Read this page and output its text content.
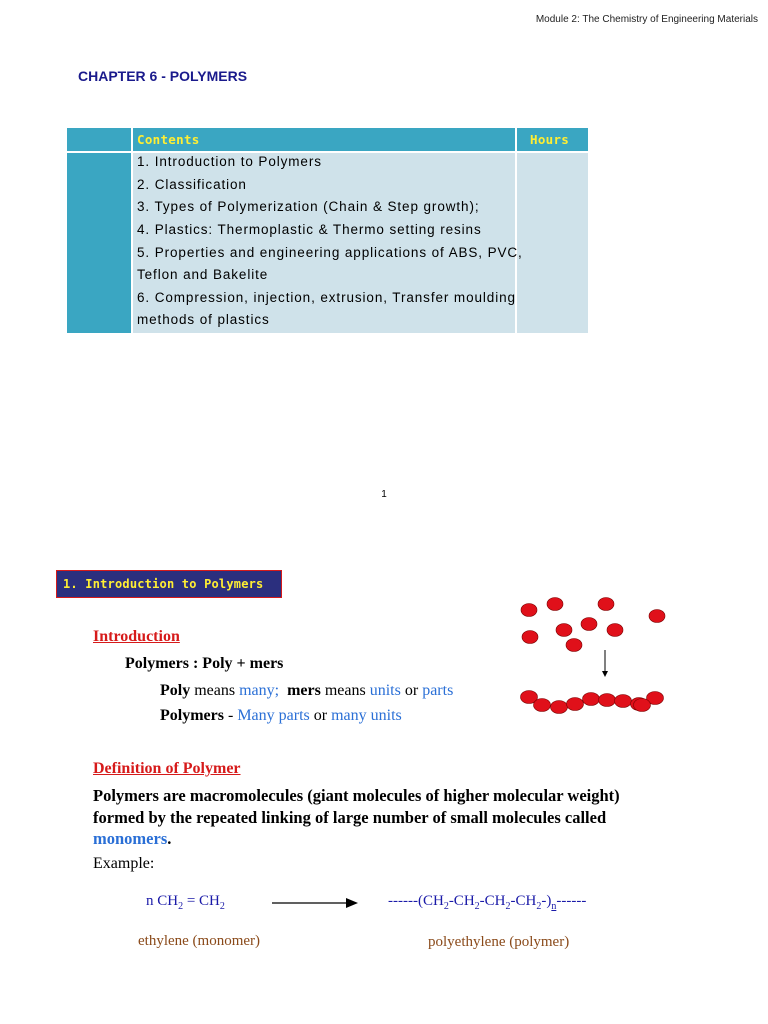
Module 2: The Chemistry of Engineering Materials
CHAPTER 6 - POLYMERS
Contents	Hours
1. Introduction to Polymers
2. Classification
3. Types of Polymerization (Chain & Step growth);
4. Plastics: Thermoplastic & Thermo setting resins
5. Properties and engineering applications of ABS, PVC,
Teflon and Bakelite
6. Compression, injection, extrusion, Transfer moulding
methods of plastics
1
1. Introduction to Polymers
Introduction
Polymers : Poly + mers
Poly means many; mers means units or parts
Polymers - Many parts or many units
Definition of Polymer
Polymers are macromolecules (giant molecules of higher molecular weight) formed by the repeated linking of large number of small molecules called monomers.
Example:
n $CH_2 = CH_2$	$------(CH_2-CH_2-CH_2-CH_2-)_n------$
ethylene (monomer)	polyethylene (polymer)
